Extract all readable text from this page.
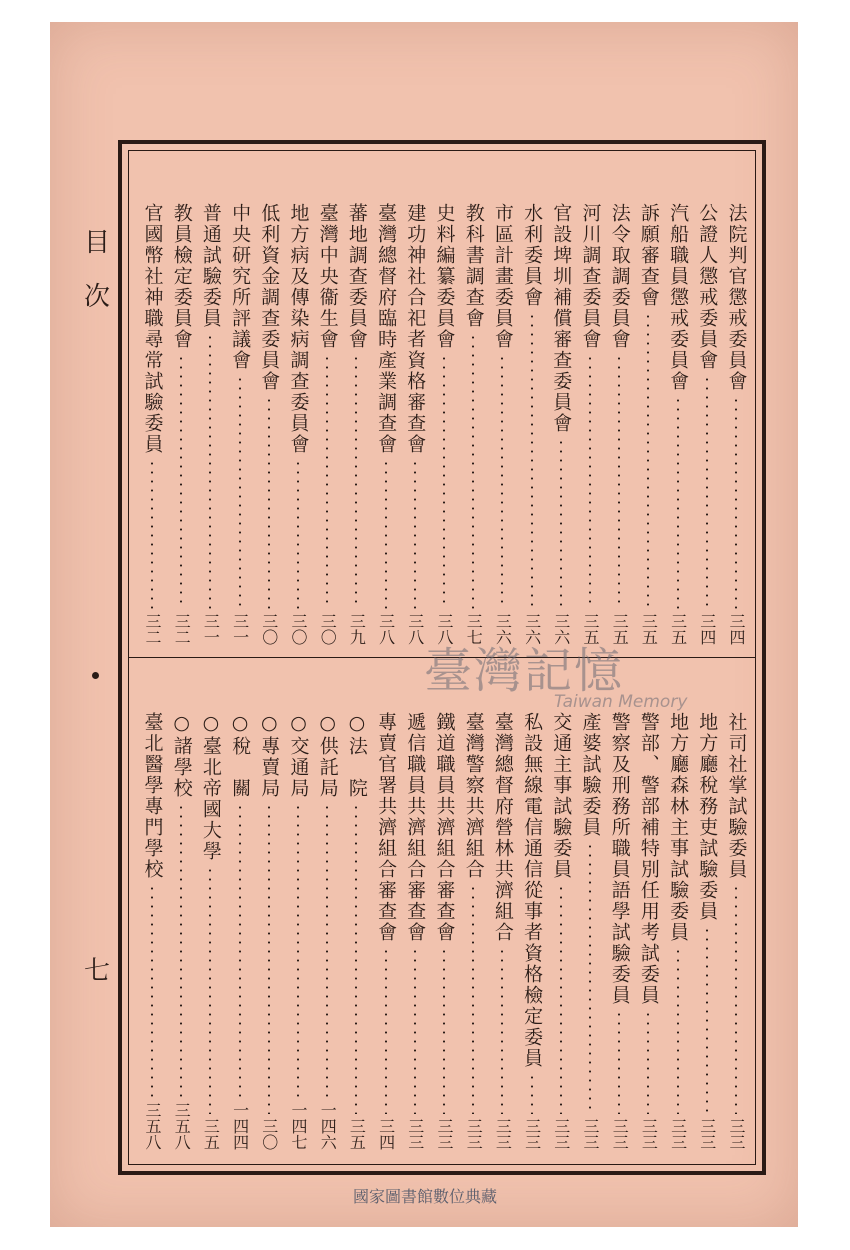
目
次
七
法院判官懲戒委員會
三四
公證人懲戒委員會
三四
汽船職員懲戒委員會
三五
訴願審查會
三五
法令取調委員會
三五
河川調查委員會
三五
官設埤圳補償審查委員會
三六
水利委員會
三六
市區計畫委員會
三六
教科書調查會
三七
史料編纂委員會
三八
建功神社合祀者資格審查會
三八
臺灣總督府臨時產業調查會
三八
蕃地調查委員會
三九
臺灣中央衞生會
三〇
地方病及傳染病調查委員會
三〇
低利資金調查委員會
三〇
中央研究所評議會
三一
普通試驗委員
三一
教員檢定委員會
三二
官國幣社神職尋常試驗委員
三二
社司社掌試驗委員
三三
地方廳稅務吏試驗委員
三三
地方廳森林主事試驗委員
三三
警部、警部補特別任用考試委員
三三
警察及刑務所職員語學試驗委員
三三
產婆試驗委員
三三
交通主事試驗委員
三三
私設無線電信通信從事者資格檢定委員
三三
臺灣總督府營林共濟組合
三三
臺灣警察共濟組合
三三
鐵道職員共濟組合審查會
三三
遞信職員共濟組合審查會
三三
專賣官署共濟組合審查會
三四
○法　院
三五
○供託局
一四六
○交通局
一四七
○專賣局
三〇
○稅　關
一四四
○臺北帝國大學
三五
○諸學校
三五八
臺北醫學專門學校
三五八
臺灣記憶
Taiwan Memory
國家圖書館數位典藏
